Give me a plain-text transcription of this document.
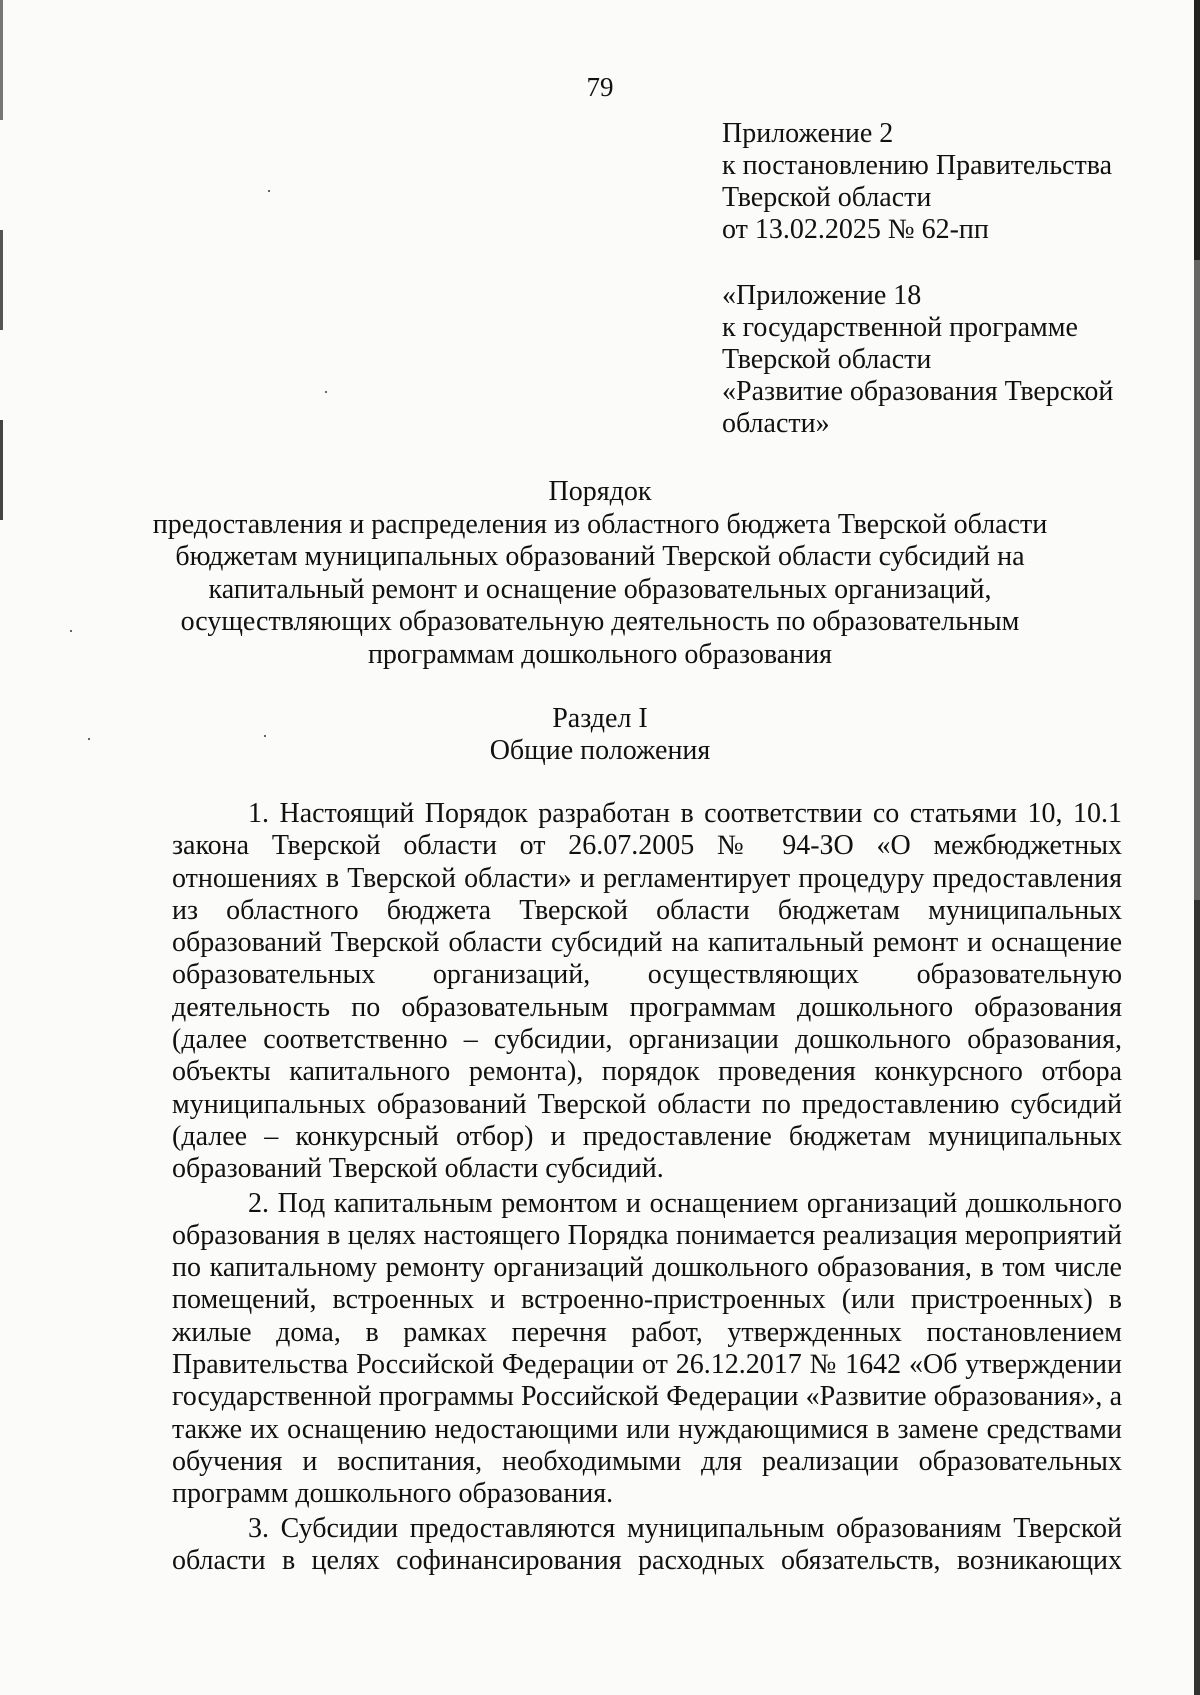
79
Приложение 2
к постановлению Правительства
Тверской области
от 13.02.2025 № 62-пп
«Приложение 18
к государственной программе
Тверской области
«Развитие образования Тверской
области»
Порядок
предоставления и распределения из областного бюджета Тверской области
бюджетам муниципальных образований Тверской области субсидий на
капитальный ремонт и оснащение образовательных организаций,
осуществляющих образовательную деятельность по образовательным
программам дошкольного образования
Раздел I
Общие положения

1. Настоящий Порядок разработан в соответствии со статьями 10, 10.1 закона Тверской области от 26.07.2005 № 94-ЗО «О межбюджетных отношениях в Тверской области» и регламентирует процедуру предоставления из областного бюджета Тверской области бюджетам муниципальных образований Тверской области субсидий на капитальный ремонт и оснащение образовательных организаций, осуществляющих образовательную деятельность по образовательным программам дошкольного образования (далее соответственно – субсидии, организации дошкольного образования, объекты капитального ремонта), порядок проведения конкурсного отбора муниципальных образований Тверской области по предоставлению субсидий (далее – конкурсный отбор) и предоставление бюджетам муниципальных образований Тверской области субсидий.

2. Под капитальным ремонтом и оснащением организаций дошкольного образования в целях настоящего Порядка понимается реализация мероприятий по капитальному ремонту организаций дошкольного образования, в том числе помещений, встроенных и встроенно-пристроенных (или пристроенных) в жилые дома, в рамках перечня работ, утвержденных постановлением Правительства Российской Федерации от 26.12.2017 № 1642 «Об утверждении государственной программы Российской Федерации «Развитие образования», а также их оснащению недостающими или нуждающимися в замене средствами обучения и воспитания, необходимыми для реализации образовательных программ дошкольного образования.

3. Субсидии предоставляются муниципальным образованиям Тверской области в целях софинансирования расходных обязательств, возникающих
